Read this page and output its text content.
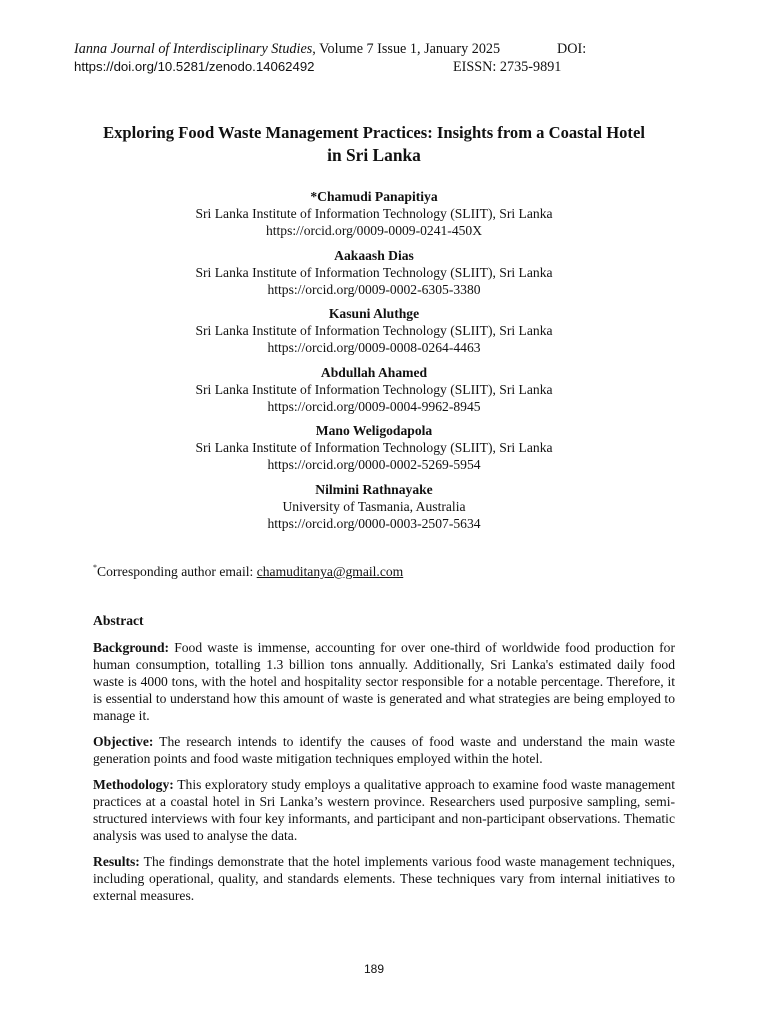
Ianna Journal of Interdisciplinary Studies, Volume 7 Issue 1, January 2025	DOI:
https://doi.org/10.5281/zenodo.14062492	EISSN: 2735-9891
Exploring Food Waste Management Practices: Insights from a Coastal Hotel
in Sri Lanka
*Chamudi Panapitiya
Sri Lanka Institute of Information Technology (SLIIT), Sri Lanka
https://orcid.org/0009-0009-0241-450X
Aakaash Dias
Sri Lanka Institute of Information Technology (SLIIT), Sri Lanka
https://orcid.org/0009-0002-6305-3380
Kasuni Aluthge
Sri Lanka Institute of Information Technology (SLIIT), Sri Lanka
https://orcid.org/0009-0008-0264-4463
Abdullah Ahamed
Sri Lanka Institute of Information Technology (SLIIT), Sri Lanka
https://orcid.org/0009-0004-9962-8945
Mano Weligodapola
Sri Lanka Institute of Information Technology (SLIIT), Sri Lanka
https://orcid.org/0000-0002-5269-5954
Nilmini Rathnayake
University of Tasmania, Australia
https://orcid.org/0000-0003-2507-5634
*Corresponding author email: chamuditanya@gmail.com
Abstract

Background: Food waste is immense, accounting for over one-third of worldwide food production for human consumption, totalling 1.3 billion tons annually. Additionally, Sri Lanka's estimated daily food waste is 4000 tons, with the hotel and hospitality sector responsible for a notable percentage. Therefore, it is essential to understand how this amount of waste is generated and what strategies are being employed to manage it.

Objective: The research intends to identify the causes of food waste and understand the main waste generation points and food waste mitigation techniques employed within the hotel.

Methodology: This exploratory study employs a qualitative approach to examine food waste management practices at a coastal hotel in Sri Lanka’s western province. Researchers used purposive sampling, semi-structured interviews with four key informants, and participant and non-participant observations. Thematic analysis was used to analyse the data.

Results: The findings demonstrate that the hotel implements various food waste management techniques, including operational, quality, and standards elements. These techniques vary from internal initiatives to external measures.

189
